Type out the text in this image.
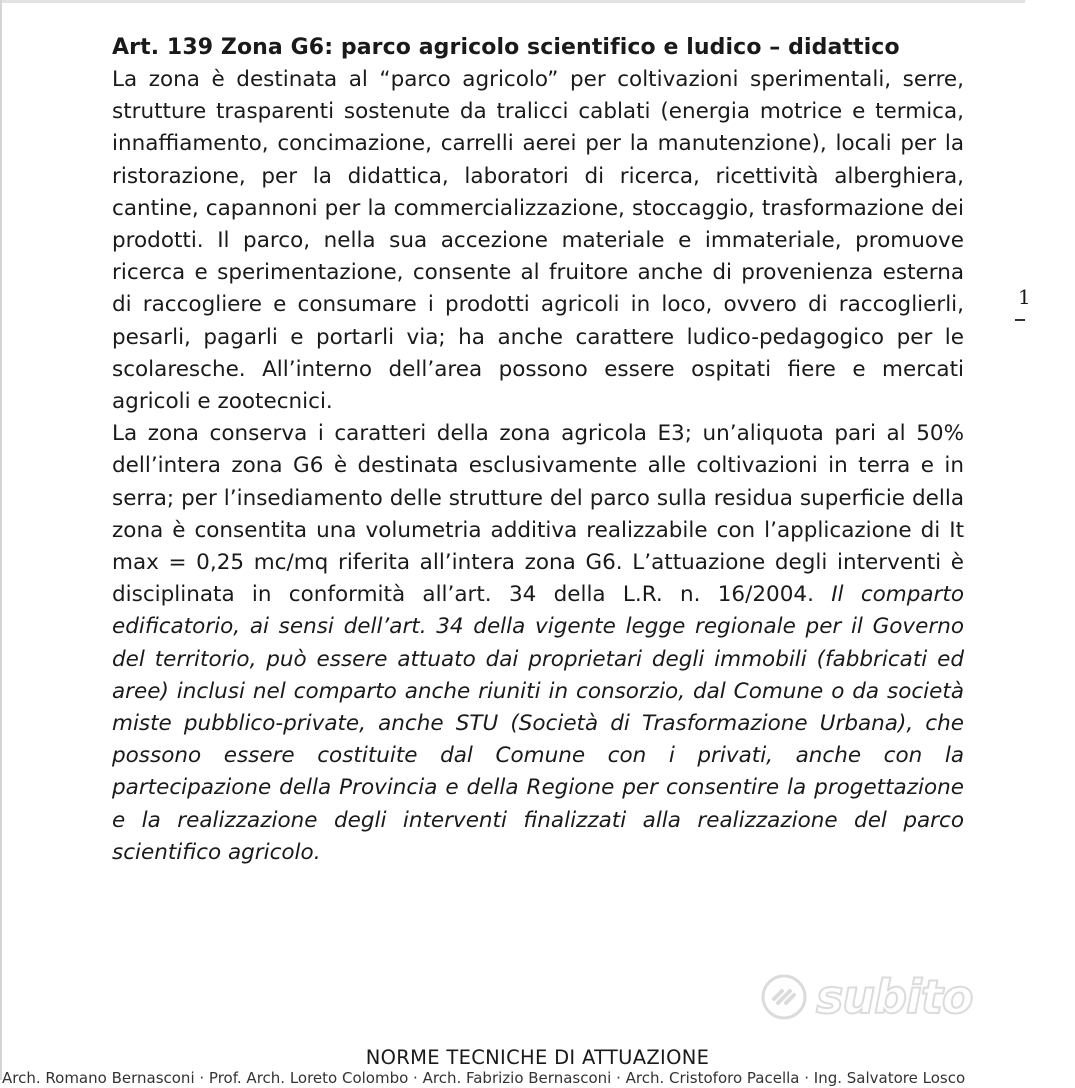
Art. 139 Zona G6: parco agricolo scientifico e ludico – didattico

La zona è destinata al “parco agricolo” per coltivazioni sperimentali, serre, strutture trasparenti sostenute da tralicci cablati (energia motrice e termica, innaffiamento, concimazione, carrelli aerei per la manutenzione), locali per la ristorazione, per la didattica, laboratori di ricerca, ricettività alberghiera, cantine, capannoni per la commercializzazione, stoccaggio, trasformazione dei prodotti. Il parco, nella sua accezione materiale e immateriale, promuove ricerca e sperimentazione, consente al fruitore anche di provenienza esterna di raccogliere e consumare i prodotti agricoli in loco, ovvero di raccoglierli, pesarli, pagarli e portarli via; ha anche carattere ludico-pedagogico per le scolaresche. All’interno dell’area possono essere ospitati fiere e mercati agricoli e zootecnici.

La zona conserva i caratteri della zona agricola E3; un’aliquota pari al 50% dell’intera zona G6 è destinata esclusivamente alle coltivazioni in terra e in serra; per l’insediamento delle strutture del parco sulla residua superficie della zona è consentita una volumetria additiva realizzabile con l’applicazione di It max = 0,25 mc/mq riferita all’intera zona G6. L’attuazione degli interventi è disciplinata in conformità all’art. 34 della L.R. n. 16/2004. Il comparto edificatorio, ai sensi dell’art. 34 della vigente legge regionale per il Governo del territorio, può essere attuato dai proprietari degli immobili (fabbricati ed aree) inclusi nel comparto anche riuniti in consorzio, dal Comune o da società miste pubblico-private, anche STU (Società di Trasformazione Urbana), che possono essere costituite dal Comune con i privati, anche con la partecipazione della Provincia e della Regione per consentire la progettazione e la realizzazione degli interventi finalizzati alla realizzazione del parco scientifico agricolo.

1
subito
NORME TECNICHE DI ATTUAZIONE
Arch. Romano Bernasconi · Prof. Arch. Loreto Colombo · Arch. Fabrizio Bernasconi · Arch. Cristoforo Pacella · Ing. Salvatore Losco
